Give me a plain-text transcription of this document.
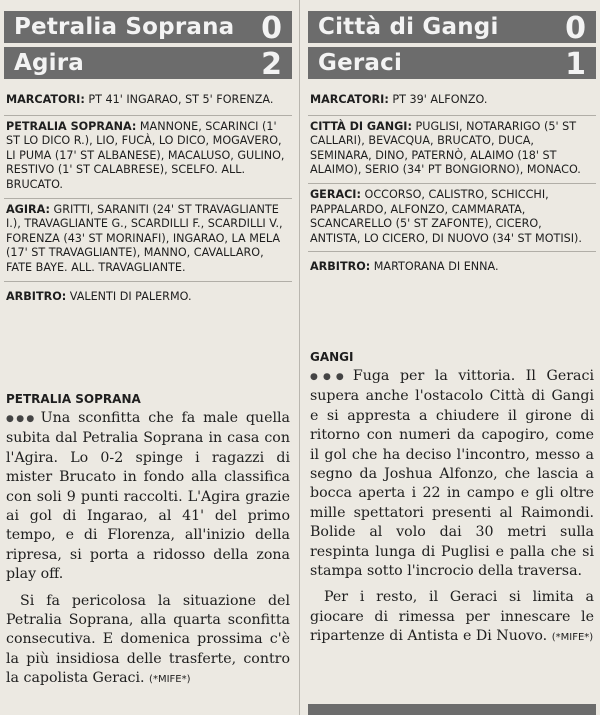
Petralia Soprana 0
Agira	2
MARCATORI: PT 41' INGARAO, ST 5' FORENZA.
PETRALIA SOPRANA: MANNONE, SCARINCI (1' ST LO DICO R.), LIO, FUCÀ, LO DICO, MOGAVERO, LI PUMA (17' ST ALBANESE), MACALUSO, GULINO, RESTIVO (1' ST CALABRESE), SCELFO. ALL. BRUCATO.
AGIRA: GRITTI, SARANITI (24' ST TRAVAGLIANTE I.), TRAVAGLIANTE G., SCARDILLI F., SCARDILLI V., FORENZA (43' ST MORINAFI), INGARAO, LA MELA (17' ST TRAVAGLIANTE), MANNO, CAVALLARO, FATE BAYE. ALL. TRAVAGLIANTE.
ARBITRO: VALENTI DI PALERMO.
PETRALIA SOPRANA

●●● Una sconfitta che fa male quella subita dal Petralia Soprana in casa con l'Agira. Lo 0-2 spinge i ragazzi di mister Brucato in fondo alla classifica con soli 9 punti raccolti. L'Agira grazie ai gol di Ingarao, al 41' del primo tempo, e di Florenza, all'inizio della ripresa, si porta a ridosso della zona play off.

Si fa pericolosa la situazione del Petralia Soprana, alla quarta sconfitta consecutiva. E domenica prossima c'è la più insidiosa delle trasferte, contro la capolista Geraci. (*MIFE*)

Città di Gangi 0
Geraci	1
MARCATORI: PT 39' ALFONZO.
CITTÀ DI GANGI: PUGLISI, NOTARARIGO (5' ST CALLARI), BEVACQUA, BRUCATO, DUCA, SEMINARA, DINO, PATERNÒ, ALAIMO (18' ST ALAIMO), SERIO (34' PT BONGIORNO), MONACO.
GERACI: OCCORSO, CALISTRO, SCHICCHI, PAPPALARDO, ALFONZO, CAMMARATA, SCANCARELLO (5' ST ZAFONTE), CICERO, ANTISTA, LO CICERO, DI NUOVO (34' ST MOTISI).
ARBITRO: MARTORANA DI ENNA.
GANGI

●●● Fuga per la vittoria. Il Geraci supera anche l'ostacolo Città di Gangi e si appresta a chiudere il girone di ritorno con numeri da capogiro, come il gol che ha deciso l'incontro, messo a segno da Joshua Alfonzo, che lascia a bocca aperta i 22 in campo e gli oltre mille spettatori presenti al Raimondi. Bolide al volo dai 30 metri sulla respinta lunga di Puglisi e palla che si stampa sotto l'incrocio della traversa.

Per i resto, il Geraci si limita a giocare di rimessa per innescare le ripartenze di Antista e Di Nuovo. (*MIFE*)
